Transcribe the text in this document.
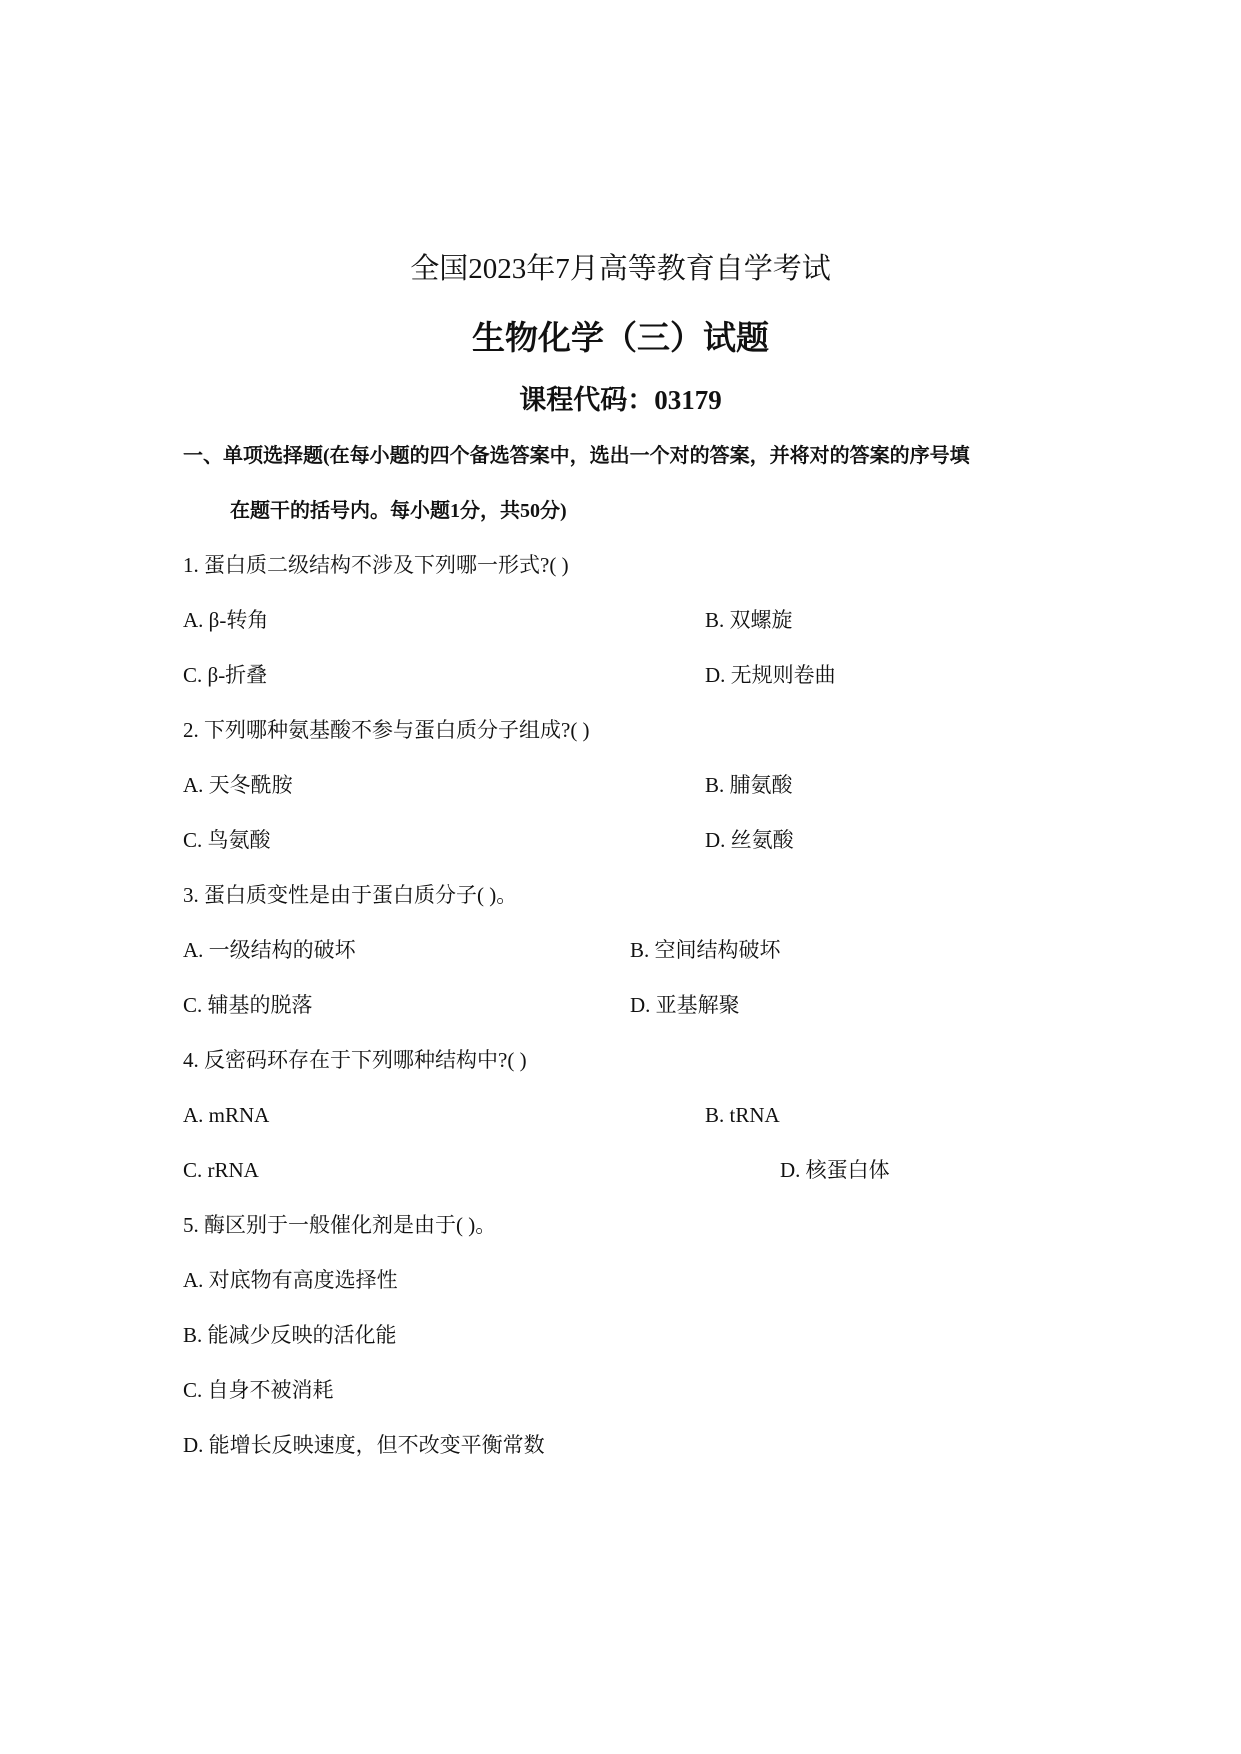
全国2023年7月高等教育自学考试
生物化学（三）试题
课程代码：03179
一、单项选择题(在每小题的四个备选答案中，选出一个对的答案，并将对的答案的序号填
在题干的括号内。每小题1分，共50分)
1. 蛋白质二级结构不涉及下列哪一形式?( )
A. β-转角	B. 双螺旋
C. β-折叠	D. 无规则卷曲
2. 下列哪种氨基酸不参与蛋白质分子组成?( )
A. 天冬酰胺	B. 脯氨酸
C. 鸟氨酸	D. 丝氨酸
3. 蛋白质变性是由于蛋白质分子( )。
A. 一级结构的破坏	B. 空间结构破坏
C. 辅基的脱落	D. 亚基解聚
4. 反密码环存在于下列哪种结构中?( )
A. mRNA	B. tRNA
C. rRNA	D. 核蛋白体
5. 酶区别于一般催化剂是由于( )。
A. 对底物有高度选择性
B. 能减少反映的活化能
C. 自身不被消耗
D. 能增长反映速度，但不改变平衡常数
